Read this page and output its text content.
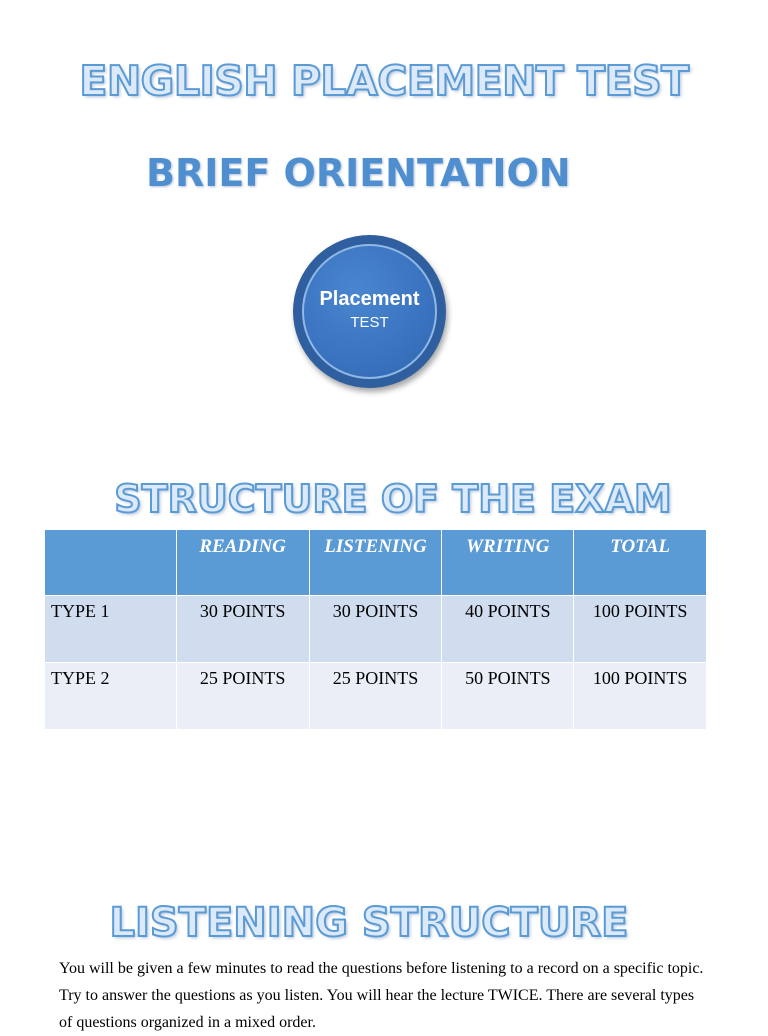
ENGLISH PLACEMENT TEST
BRIEF ORIENTATION
Placement
TEST
STRUCTURE OF THE EXAM
	READING	LISTENING	WRITING	TOTAL
TYPE 1	30 POINTS	30 POINTS	40 POINTS	100 POINTS
TYPE 2	25 POINTS	25 POINTS	50 POINTS	100 POINTS
LISTENING STRUCTURE

You will be given a few minutes to read the questions before listening to a record on a specific topic. Try to answer the questions as you listen. You will hear the lecture TWICE. There are several types of questions organized in a mixed order.
